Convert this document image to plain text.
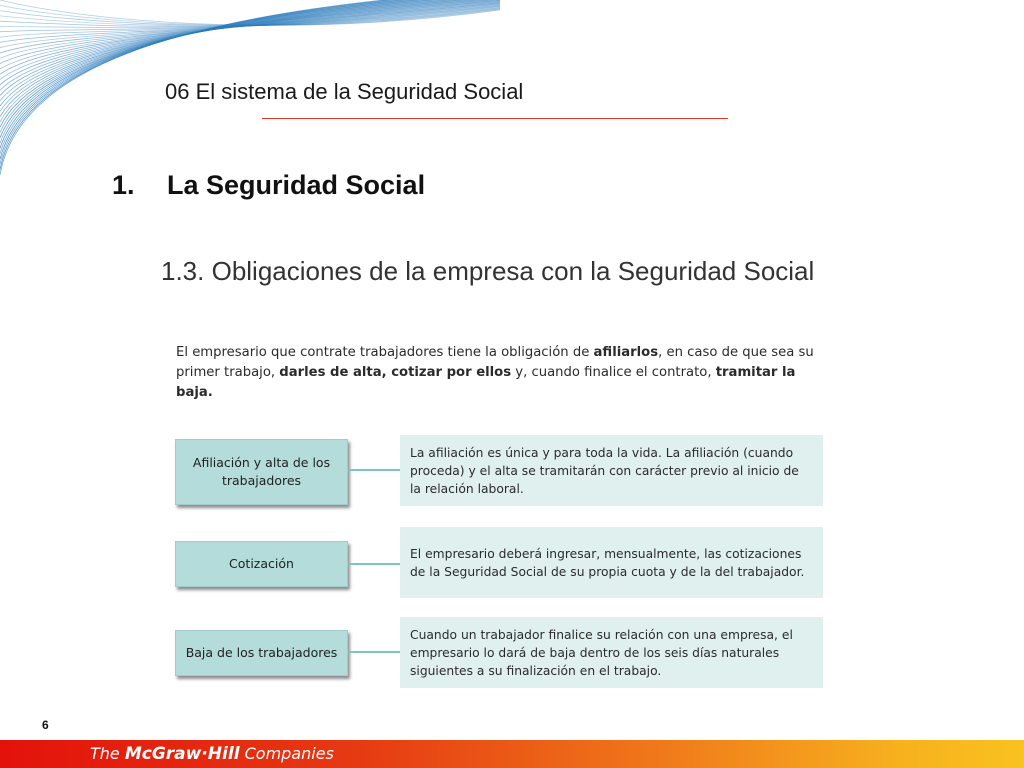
06 El sistema de la Seguridad Social
1. La Seguridad Social
1.3. Obligaciones de la empresa con la Seguridad Social
El empresario que contrate trabajadores tiene la obligación de afiliarlos, en caso de que sea su primer trabajo, darles de alta, cotizar por ellos y, cuando finalice el contrato, tramitar la baja.
Afiliación y alta de los trabajadores
La afiliación es única y para toda la vida. La afiliación (cuando proceda) y el alta se tramitarán con carácter previo al inicio de la relación laboral.
Cotización
El empresario deberá ingresar, mensualmente, las cotizaciones de la Seguridad Social de su propia cuota y de la del trabajador.
Baja de los trabajadores
Cuando un trabajador finalice su relación con una empresa, el empresario lo dará de baja dentro de los seis días naturales siguientes a su finalización en el trabajo.
6
The McGraw·Hill Companies
